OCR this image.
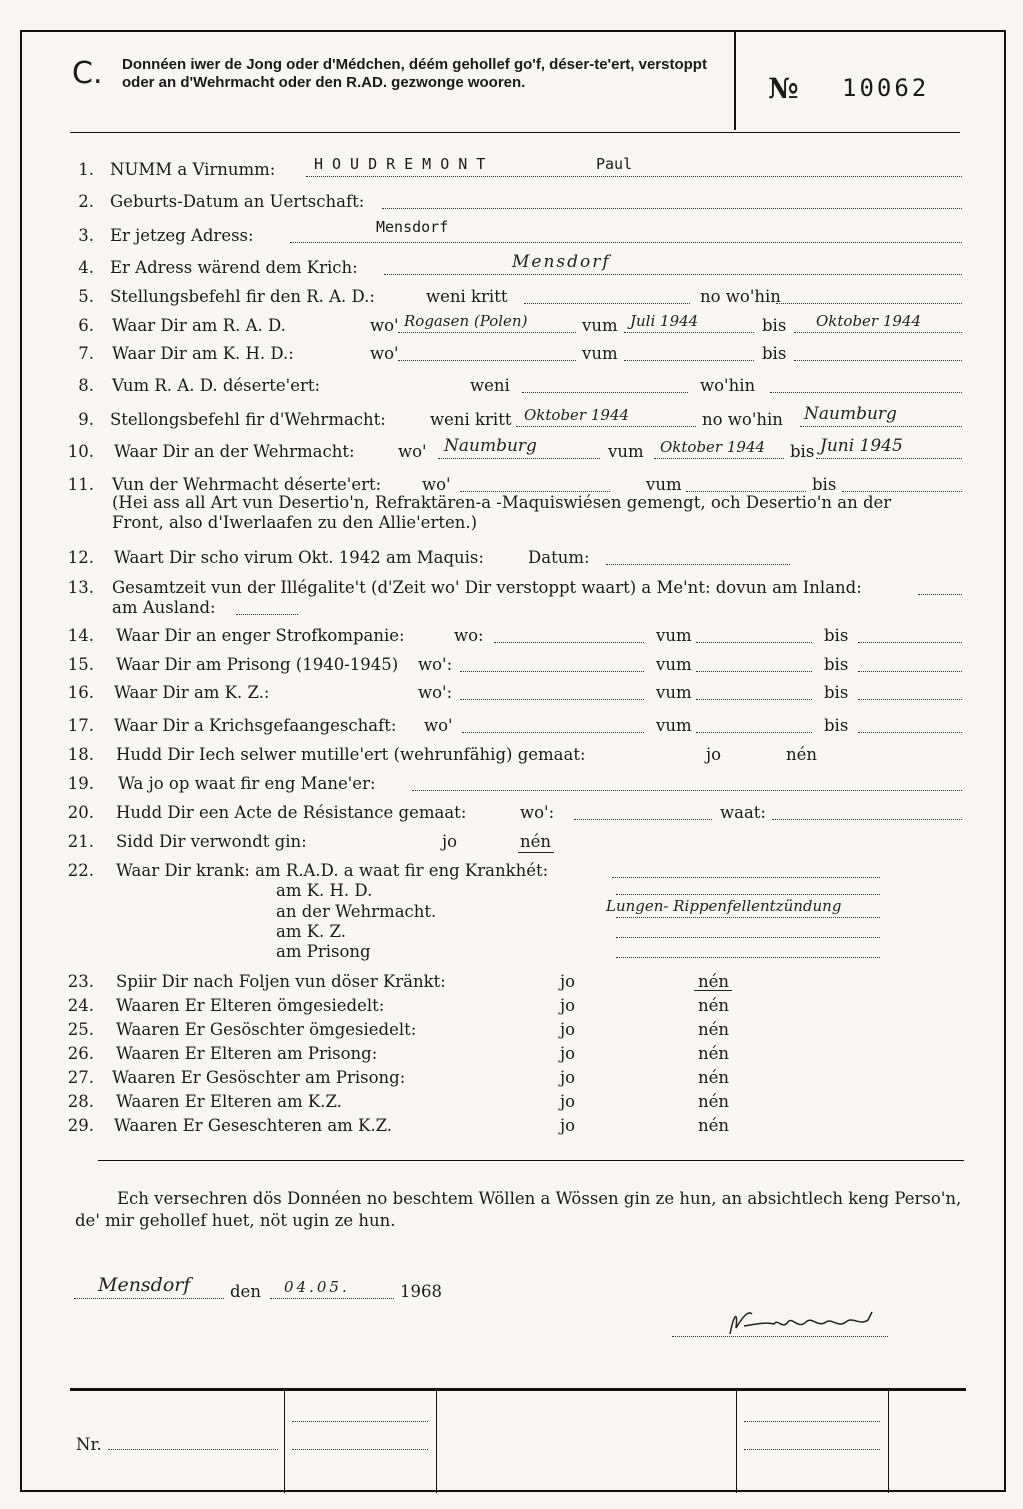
C. Donnéen iwer de Jong oder d'Médchen, déém gehollef go'f, déser-te'ert, verstoppt oder an d'Wehrmacht oder den R.AD. gezwonge wooren.	№ 10062
1. NUMM a Virnumm:	HOUDREMONT	Paul
2. Geburts-Datum an Uertschaft:
3. Er jetzeg Adress:	Mensdorf
4. Er Adress wärend dem Krich:	Mensdorf
5. Stellungsbefehl fir den R. A. D.:	weni kritt	no wo'hin
6. Waar Dir am R. A. D.	wo' Rogasen (Polen)	vum Juli 1944	bis Oktober 1944
7. Waar Dir am K. H. D.:	wo'	vum	bis
8. Vum R. A. D. déserte'ert:	weni	wo'hin
9. Stellongsbefehl fir d'Wehrmacht:	weni kritt Oktober 1944	no wo'hin Naumburg
10. Waar Dir an der Wehrmacht:	wo' Naumburg	vum Oktober 1944 bis Juni 1945
11. Vun der Wehrmacht déserte'ert: wo'	vum	bis
(Hei ass all Art vun Desertio'n, Refraktären-a -Maquiswiésen gemengt, och Desertio'n an der
Front, also d'Iwerlaafen zu den Allie'erten.)
12. Waart Dir scho virum Okt. 1942 am Maquis:	Datum:
13. Gesamtzeit vun der Illégalite't (d'Zeit wo' Dir verstoppt waart) a Me'nt: dovun am Inland:
am Ausland:
14. Waar Dir an enger Strofkompanie:	wo:	vum	bis
15. Waar Dir am Prisong (1940-1945) wo':	vum	bis
16. Waar Dir am K. Z.:	wo':	vum	bis
17. Waar Dir a Krichsgefaangeschaft: wo'	vum	bis
18. Hudd Dir Iech selwer mutille'ert (wehrunfähig) gemaat:	jo	nén
19. Wa jo op waat fir eng Mane'er:
20. Hudd Dir een Acte de Résistance gemaat:	wo':	waat:
21. Sidd Dir verwondt gin:	jo	nén
22. Waar Dir krank: am R.A.D. a waat fir eng Krankhét:
am K. H. D.
an der Wehrmacht.	Lungen- Rippenfellentzündung
am K. Z.
am Prisong
23. Spiir Dir nach Foljen vun döser Kränkt:	jo	nén
24. Waaren Er Elteren ömgesiedelt:	jo	nén
25. Waaren Er Gesöschter ömgesiedelt:	jo	nén
26. Waaren Er Elteren am Prisong:	jo	nén
27. Waaren Er Gesöschter am Prisong:	jo	nén
28. Waaren Er Elteren am K.Z.	jo	nén
29. Waaren Er Geseschteren am K.Z.	jo	nén
Ech versechren dös Donnéen no beschtem Wöllen a Wössen gin ze hun, an absichtlech keng Perso'n, de' mir gehollef huet, nöt ugin ze hun.
Mensdorf den 04.05.	1968
Nr.
